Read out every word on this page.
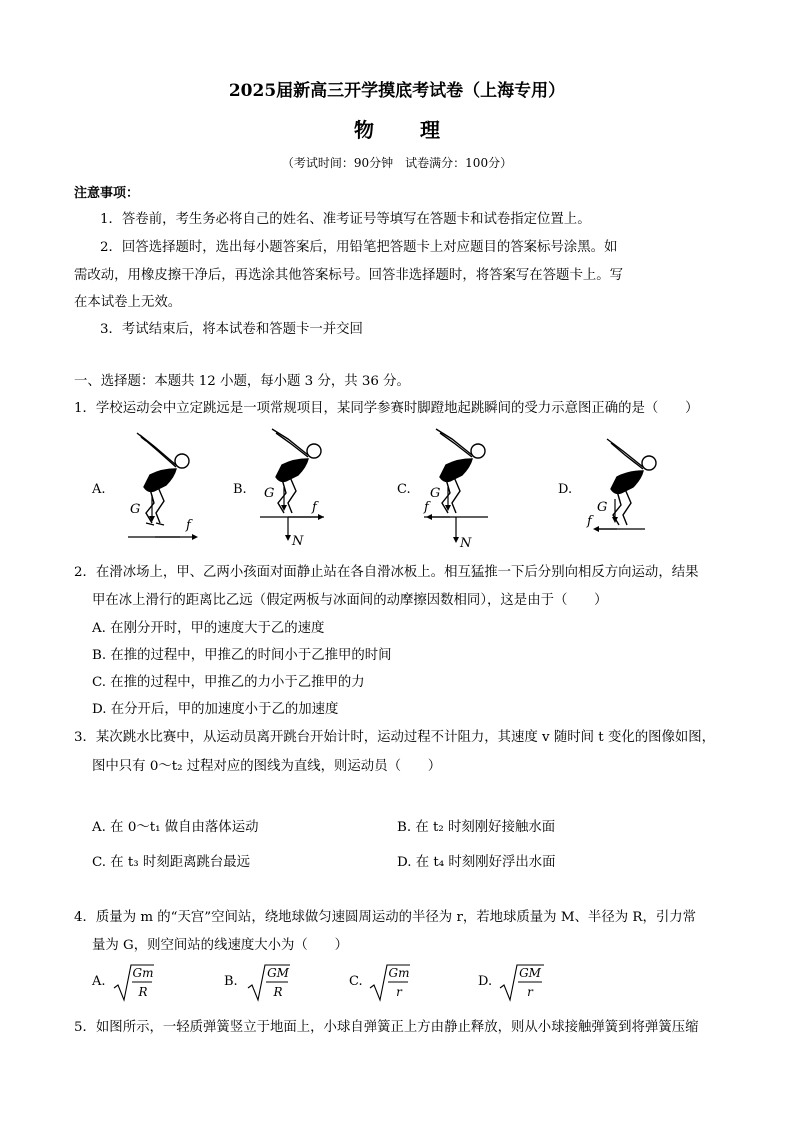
2025届新高三开学摸底考试卷（上海专用）
物理
（考试时间：90分钟　试卷满分：100分）
注意事项：
1．答卷前，考生务必将自己的姓名、准考证号等填写在答题卡和试卷指定位置上。
2．回答选择题时，选出每小题答案后，用铅笔把答题卡上对应题目的答案标号涂黑。如
需改动，用橡皮擦干净后，再选涂其他答案标号。回答非选择题时，将答案写在答题卡上。写
在本试卷上无效。
3．考试结束后，将本试卷和答题卡一并交回
一、选择题：本题共 12 小题，每小题 3 分，共 36 分。
1．学校运动会中立定跳远是一项常规项目，某同学参赛时脚蹬地起跳瞬间的受力示意图正确的是（　　）
A.	B.	C.	D.
G
f
G
f
N
G
f
N
G
f
2．在滑冰场上，甲、乙两小孩面对面静止站在各自滑冰板上。相互猛推一下后分别向相反方向运动，结果
甲在冰上滑行的距离比乙远（假定两板与冰面间的动摩擦因数相同），这是由于（　　）
A. 在刚分开时，甲的速度大于乙的速度
B. 在推的过程中，甲推乙的时间小于乙推甲的时间
C. 在推的过程中，甲推乙的力小于乙推甲的力
D. 在分开后，甲的加速度小于乙的加速度
3．某次跳水比赛中，从运动员离开跳台开始计时，运动过程不计阻力，其速度 v 随时间 t 变化的图像如图，
图中只有 0～t₂ 过程对应的图线为直线，则运动员（　　）
A. 在 0～t₁ 做自由落体运动	B. 在 t₂ 时刻刚好接触水面
C. 在 t₃ 时刻距离跳台最远	D. 在 t₄ 时刻刚好浮出水面
4．质量为 m 的“天宫”空间站，绕地球做匀速圆周运动的半径为 r，若地球质量为 M、半径为 R，引力常
量为 G，则空间站的线速度大小为（　　）
A.
Gm
R
B.
GM
R
C.
Gm
r
D.
GM
r
5．如图所示，一轻质弹簧竖立于地面上，小球自弹簧正上方由静止释放，则从小球接触弹簧到将弹簧压缩
